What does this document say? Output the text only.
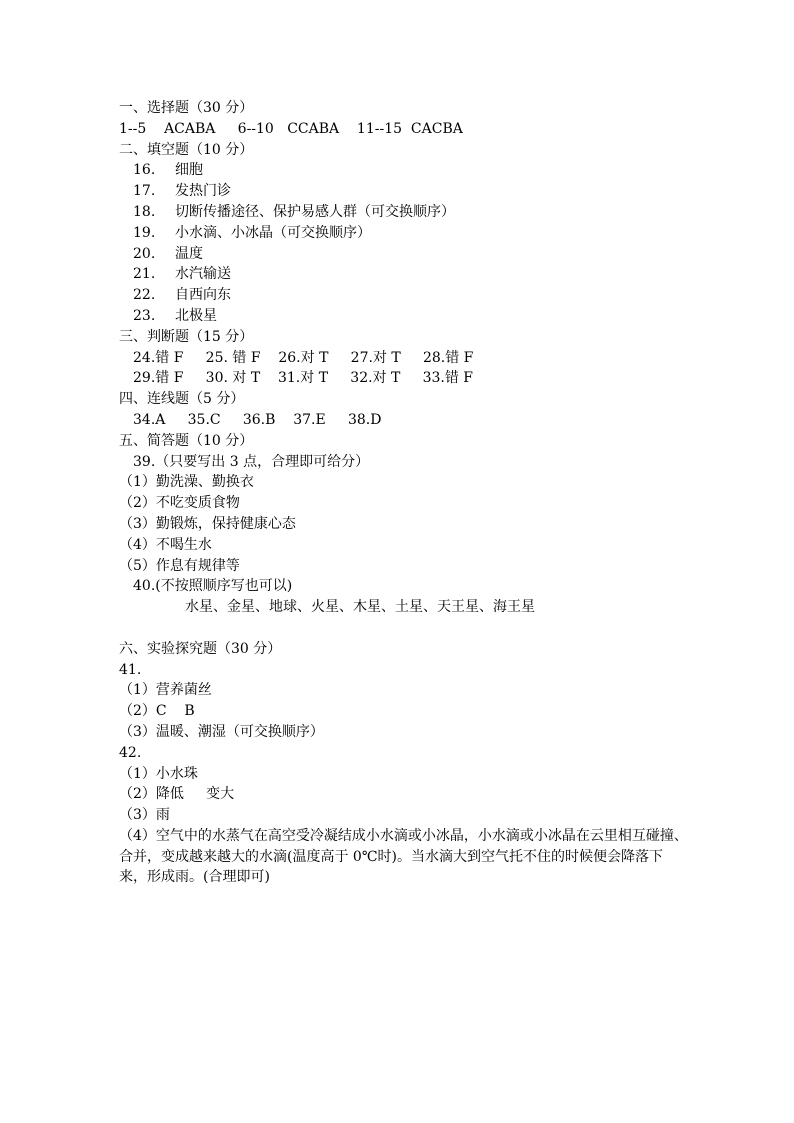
一、选择题（30 分）
1--5    ACABA     6--10   CCABA    11--15  CACBA
二、填空题（10 分）
16.	细胞
17.	发热门诊
18.	切断传播途径、保护易感人群（可交换顺序）
19.	小水滴、小冰晶（可交换顺序）
20.	温度
21.	水汽输送
22.	自西向东
23.	北极星
三、判断题（15 分）
24.错 F     25. 错 F    26.对 T     27.对 T     28.错 F
29.错 F     30. 对 T    31.对 T     32.对 T     33.错 F
四、连线题（5 分）
34.A     35.C     36.B    37.E     38.D
五、简答题（10 分）
39.（只要写出 3 点，合理即可给分）
（1）勤洗澡、勤换衣
（2）不吃变质食物
（3）勤锻炼，保持健康心态
（4）不喝生水
（5）作息有规律等
40.(不按照顺序写也可以)
水星、金星、地球、火星、木星、土星、天王星、海王星
六、实验探究题（30 分）
41.
（1）营养菌丝
（2）C    B
（3）温暖、潮湿（可交换顺序）
42.
（1）小水珠
（2）降低     变大
（3）雨
（4）空气中的水蒸气在高空受冷凝结成小水滴或小冰晶，小水滴或小冰晶在云里相互碰撞、合并，变成越来越大的水滴(温度高于 0℃时)。当水滴大到空气托不住的时候便会降落下来，形成雨。(合理即可)
